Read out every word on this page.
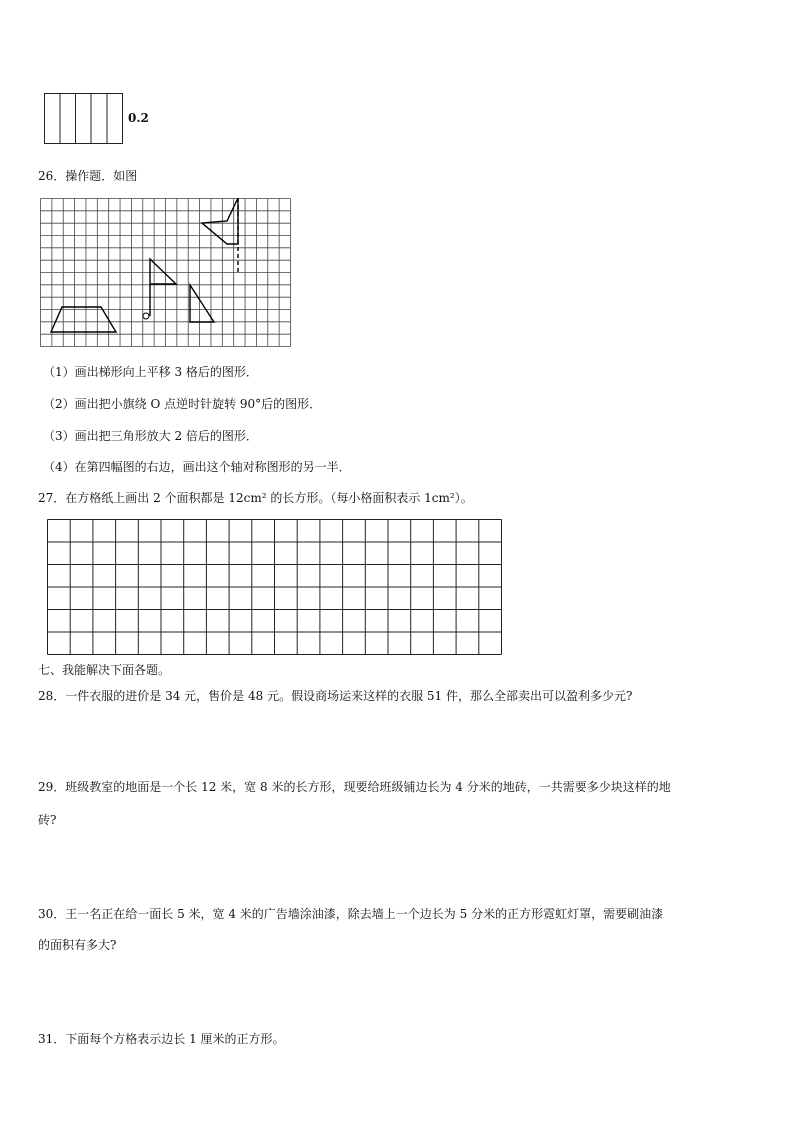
0.2
26．操作题．如图
（1）画出梯形向上平移 3 格后的图形．
（2）画出把小旗绕 O 点逆时针旋转 90°后的图形．
（3）画出把三角形放大 2 倍后的图形．
（4）在第四幅图的右边，画出这个轴对称图形的另一半．
27．在方格纸上画出 2 个面积都是 12cm² 的长方形。（每小格面积表示 1cm²）。
七、我能解决下面各题。
28．一件衣服的进价是 34 元，售价是 48 元。假设商场运来这样的衣服 51 件，那么全部卖出可以盈利多少元?
29．班级教室的地面是一个长 12 米，宽 8 米的长方形，现要给班级铺边长为 4 分米的地砖，一共需要多少块这样的地
砖?
30．王一名正在给一面长 5 米，宽 4 米的广告墙涂油漆，除去墙上一个边长为 5 分米的正方形霓虹灯罩，需要刷油漆
的面积有多大?
31．下面每个方格表示边长 1 厘米的正方形。
